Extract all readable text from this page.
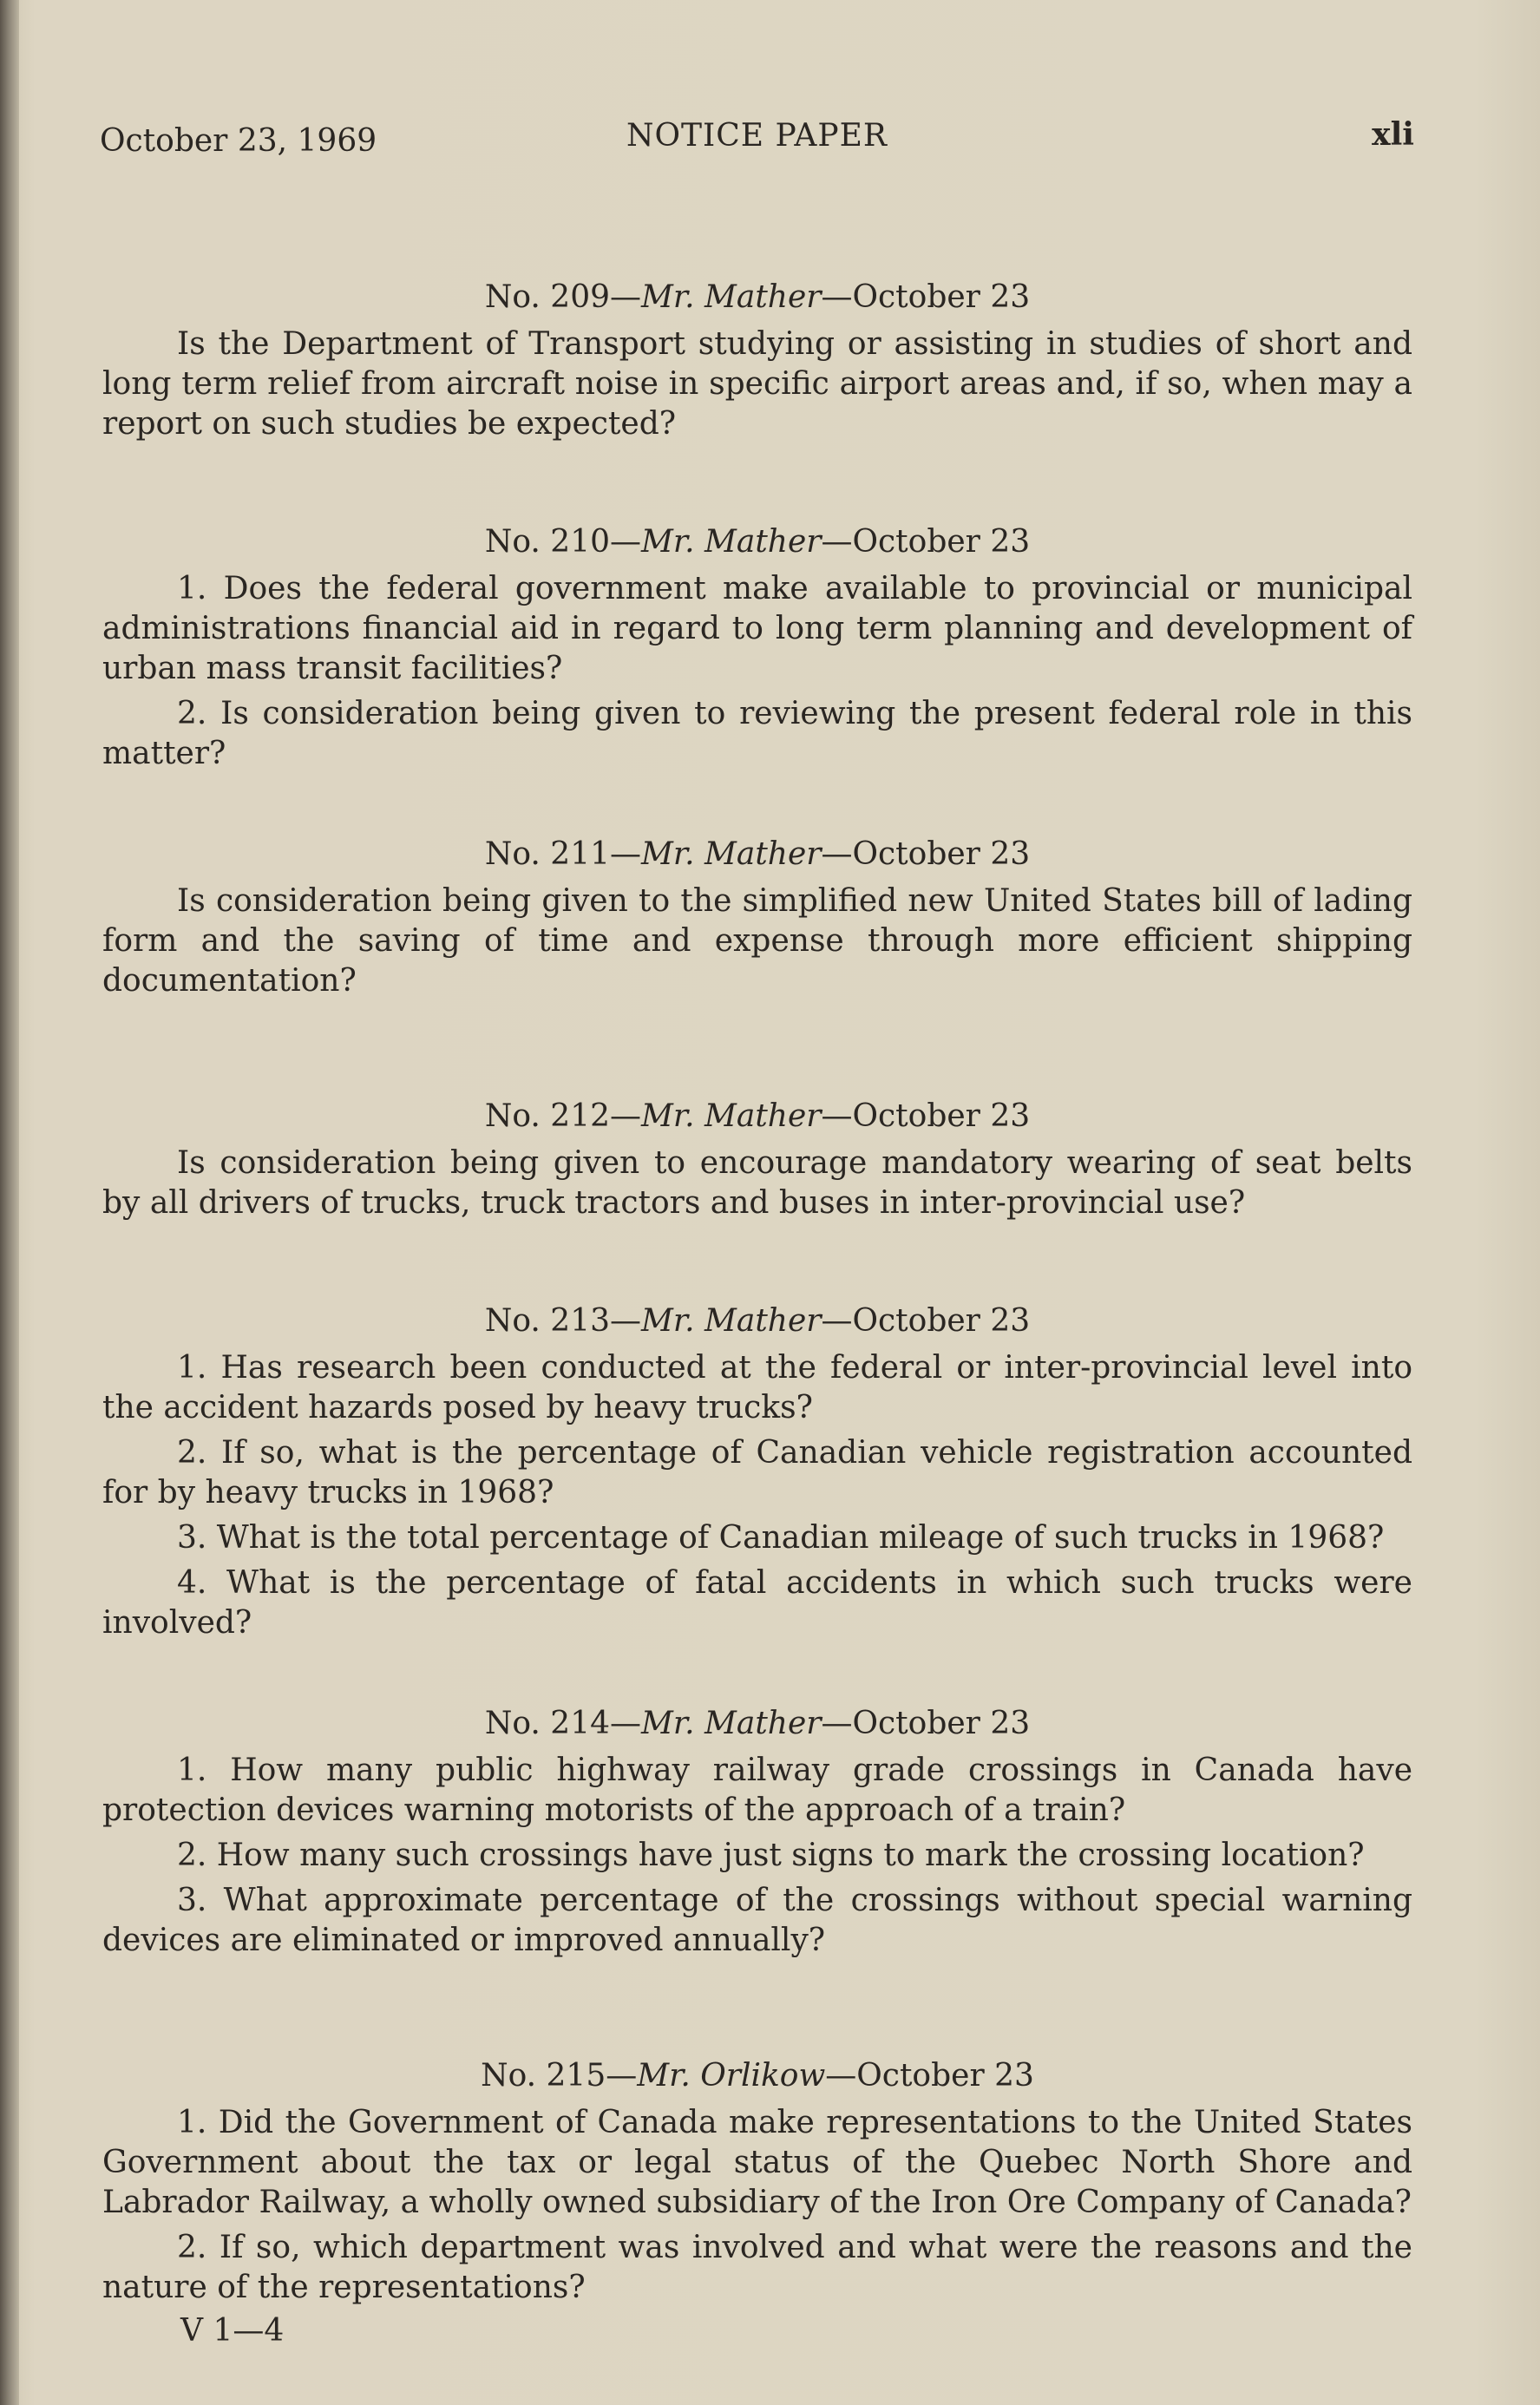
October 23, 1969	NOTICE PAPER	xli
No. 209—Mr. Mather—October 23

Is the Department of Transport studying or assisting in studies of short and long term relief from aircraft noise in specific airport areas and, if so, when may a report on such studies be expected?

No. 210—Mr. Mather—October 23

1. Does the federal government make available to provincial or municipal administrations financial aid in regard to long term planning and development of urban mass transit facilities?

2. Is consideration being given to reviewing the present federal role in this matter?

No. 211—Mr. Mather—October 23

Is consideration being given to the simplified new United States bill of lading form and the saving of time and expense through more efficient shipping documentation?

No. 212—Mr. Mather—October 23

Is consideration being given to encourage mandatory wearing of seat belts by all drivers of trucks, truck tractors and buses in inter-provincial use?

No. 213—Mr. Mather—October 23

1. Has research been conducted at the federal or inter-provincial level into the accident hazards posed by heavy trucks?

2. If so, what is the percentage of Canadian vehicle registration accounted for by heavy trucks in 1968?

3. What is the total percentage of Canadian mileage of such trucks in 1968?

4. What is the percentage of fatal accidents in which such trucks were involved?

No. 214—Mr. Mather—October 23

1. How many public highway railway grade crossings in Canada have protection devices warning motorists of the approach of a train?

2. How many such crossings have just signs to mark the crossing location?

3. What approximate percentage of the crossings without special warning devices are eliminated or improved annually?

No. 215—Mr. Orlikow—October 23

1. Did the Government of Canada make representations to the United States Government about the tax or legal status of the Quebec North Shore and Labrador Railway, a wholly owned subsidiary of the Iron Ore Company of Canada?

2. If so, which department was involved and what were the reasons and the nature of the representations?

V 1—4
